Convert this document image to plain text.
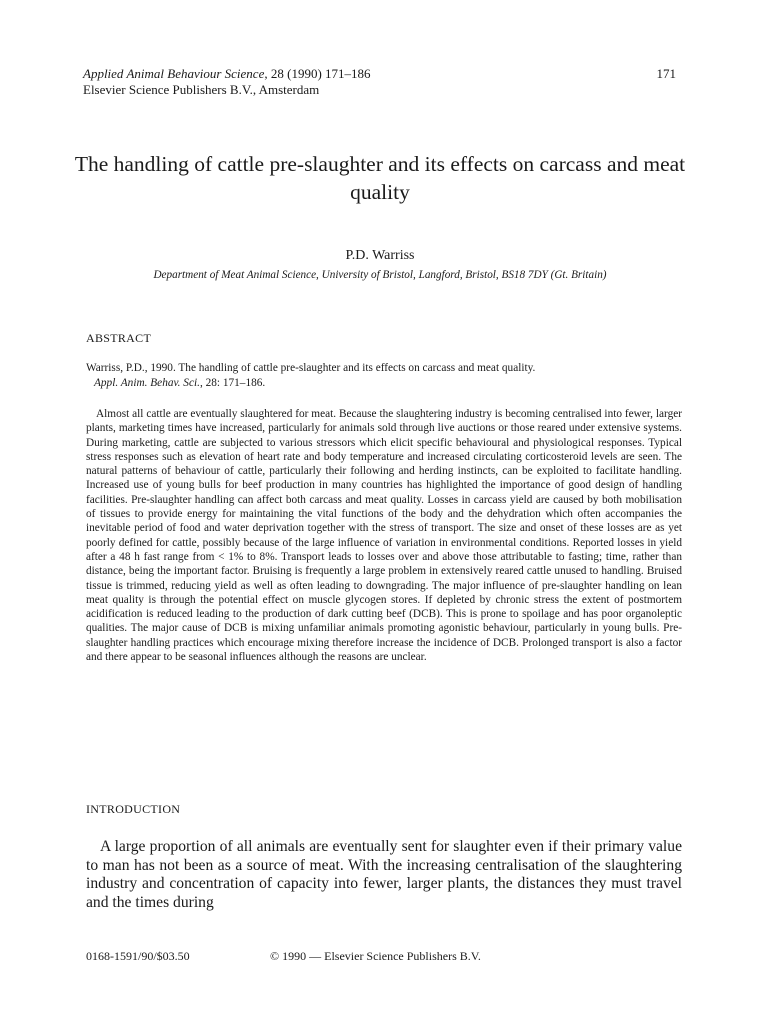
Applied Animal Behaviour Science, 28 (1990) 171–186
Elsevier Science Publishers B.V., Amsterdam
171
The handling of cattle pre-slaughter and its effects on carcass and meat quality
P.D. Warriss
Department of Meat Animal Science, University of Bristol, Langford, Bristol, BS18 7DY (Gt. Britain)
ABSTRACT
Warriss, P.D., 1990. The handling of cattle pre-slaughter and its effects on carcass and meat quality.
Appl. Anim. Behav. Sci., 28: 171–186.

Almost all cattle are eventually slaughtered for meat. Because the slaughtering industry is becoming centralised into fewer, larger plants, marketing times have increased, particularly for animals sold through live auctions or those reared under extensive systems. During marketing, cattle are subjected to various stressors which elicit specific behavioural and physiological responses. Typical stress responses such as elevation of heart rate and body temperature and increased circulating corticosteroid levels are seen. The natural patterns of behaviour of cattle, particularly their following and herding instincts, can be exploited to facilitate handling. Increased use of young bulls for beef production in many countries has highlighted the importance of good design of handling facilities. Pre-slaughter handling can affect both carcass and meat quality. Losses in carcass yield are caused by both mobilisation of tissues to provide energy for maintaining the vital functions of the body and the dehydration which often accompanies the inevitable period of food and water deprivation together with the stress of transport. The size and onset of these losses are as yet poorly defined for cattle, possibly because of the large influence of variation in environmental conditions. Reported losses in yield after a 48 h fast range from < 1% to 8%. Transport leads to losses over and above those attributable to fasting; time, rather than distance, being the important factor. Bruising is frequently a large problem in extensively reared cattle unused to handling. Bruised tissue is trimmed, reducing yield as well as often leading to downgrading. The major influence of pre-slaughter handling on lean meat quality is through the potential effect on muscle glycogen stores. If depleted by chronic stress the extent of postmortem acidification is reduced leading to the production of dark cutting beef (DCB). This is prone to spoilage and has poor organoleptic qualities. The major cause of DCB is mixing unfamiliar animals promoting agonistic behaviour, particularly in young bulls. Pre-slaughter handling practices which encourage mixing therefore increase the incidence of DCB. Prolonged transport is also a factor and there appear to be seasonal influences although the reasons are unclear.

INTRODUCTION

A large proportion of all animals are eventually sent for slaughter even if their primary value to man has not been as a source of meat. With the increasing centralisation of the slaughtering industry and concentration of capacity into fewer, larger plants, the distances they must travel and the times during

0168-1591/90/$03.50	© 1990 — Elsevier Science Publishers B.V.
